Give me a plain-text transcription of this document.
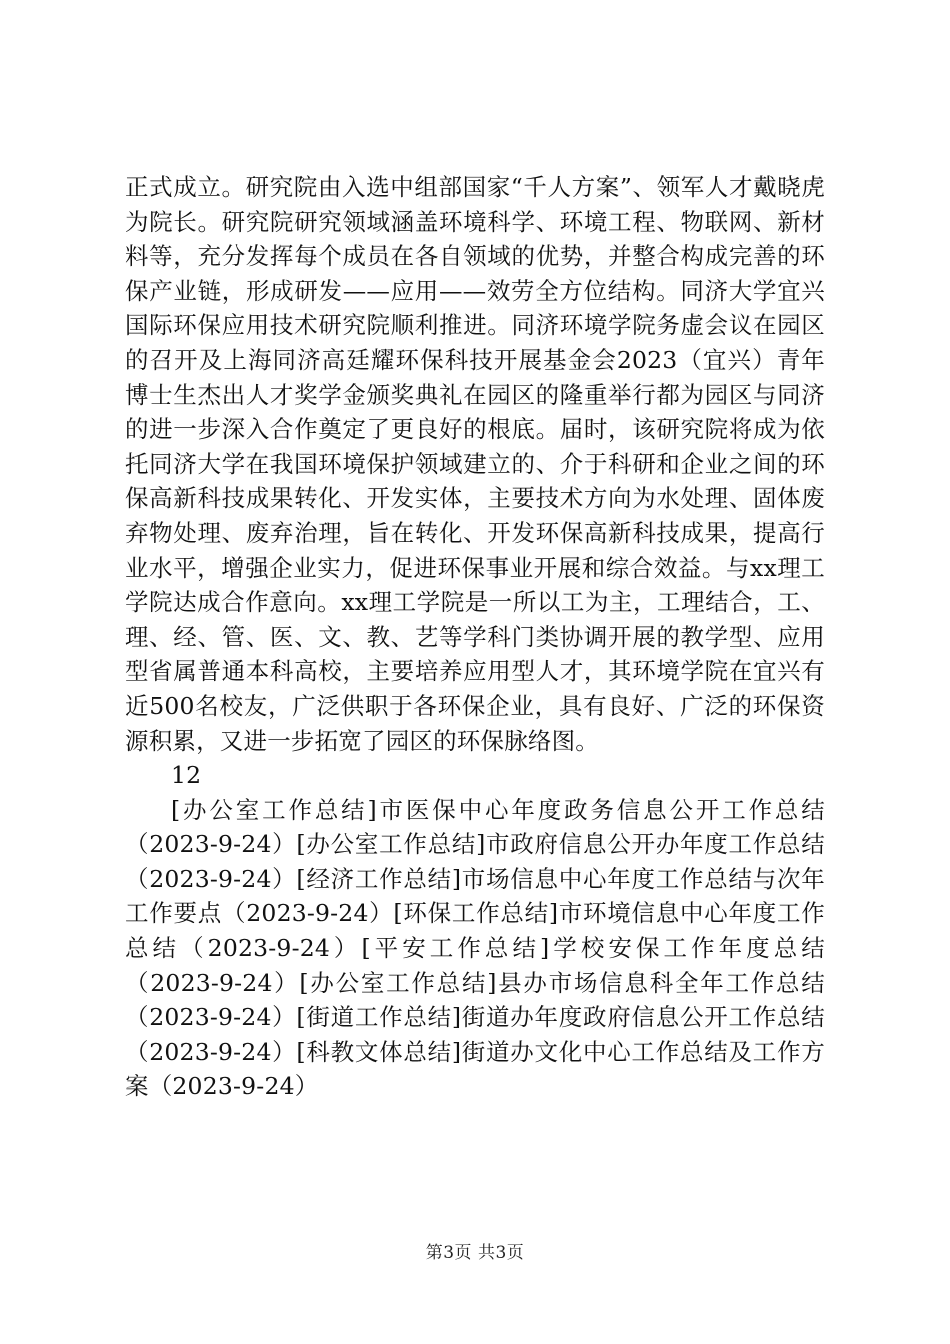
正式成立。研究院由入选中组部国家“千人方案”、领军人才戴晓虎为院长。研究院研究领域涵盖环境科学、环境工程、物联网、新材料等，充分发挥每个成员在各自领域的优势，并整合构成完善的环保产业链，形成研发——应用——效劳全方位结构。同济大学宜兴国际环保应用技术研究院顺利推进。同济环境学院务虚会议在园区的召开及上海同济高廷耀环保科技开展基金会2023（宜兴）青年博士生杰出人才奖学金颁奖典礼在园区的隆重举行都为园区与同济的进一步深入合作奠定了更良好的根底。届时，该研究院将成为依托同济大学在我国环境保护领域建立的、介于科研和企业之间的环保高新科技成果转化、开发实体，主要技术方向为水处理、固体废弃物处理、废弃治理，旨在转化、开发环保高新科技成果，提高行业水平，增强企业实力，促进环保事业开展和综合效益。与xx理工学院达成合作意向。xx理工学院是一所以工为主，工理结合，工、理、经、管、医、文、教、艺等学科门类协调开展的教学型、应用型省属普通本科高校，主要培养应用型人才，其环境学院在宜兴有近500名校友，广泛供职于各环保企业，具有良好、广泛的环保资源积累，又进一步拓宽了园区的环保脉络图。

12

[办公室工作总结]市医保中心年度政务信息公开工作总结（2023-9-24）[办公室工作总结]市政府信息公开办年度工作总结（2023-9-24）[经济工作总结]市场信息中心年度工作总结与次年工作要点（2023-9-24）[环保工作总结]市环境信息中心年度工作总结（2023-9-24）[平安工作总结]学校安保工作年度总结（2023-9-24）[办公室工作总结]县办市场信息科全年工作总结（2023-9-24）[街道工作总结]街道办年度政府信息公开工作总结（2023-9-24）[科教文体总结]街道办文化中心工作总结及工作方案（2023-9-24）

第3页 共3页
